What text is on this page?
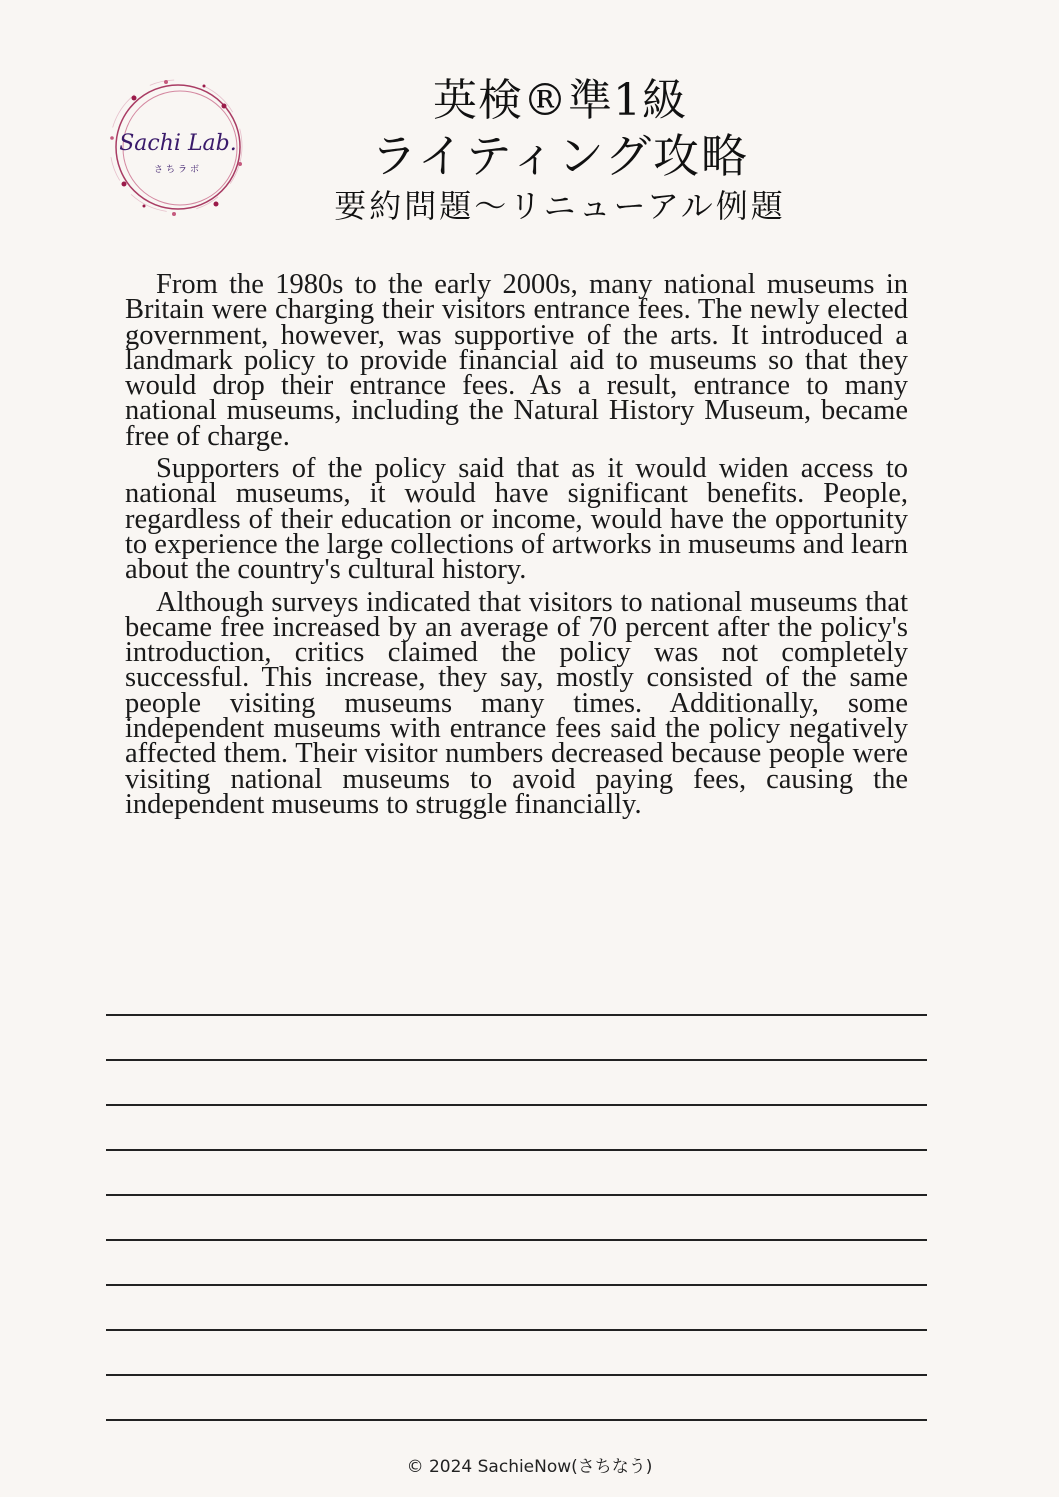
Sachi Lab.
さちラボ
英検®準1級
ライティング攻略
要約問題～リニューアル例題

From the 1980s to the early 2000s, many national museums in Britain were charging their visitors entrance fees. The newly elected government, however, was supportive of the arts. It introduced a landmark policy to provide financial aid to museums so that they would drop their entrance fees. As a result, entrance to many national museums, including the Natural History Museum, became free of charge.

Supporters of the policy said that as it would widen access to national museums, it would have significant benefits. People, regardless of their education or income, would have the opportunity to experience the large collections of artworks in museums and learn about the country's cultural history.

Although surveys indicated that visitors to national museums that became free increased by an average of 70 percent after the policy's introduction, critics claimed the policy was not completely successful. This increase, they say, mostly consisted of the same people visiting museums many times. Additionally, some independent museums with entrance fees said the policy negatively affected them. Their visitor numbers decreased because people were visiting national museums to avoid paying fees, causing the independent museums to struggle financially.

© 2024 SachieNow(さちなう)
